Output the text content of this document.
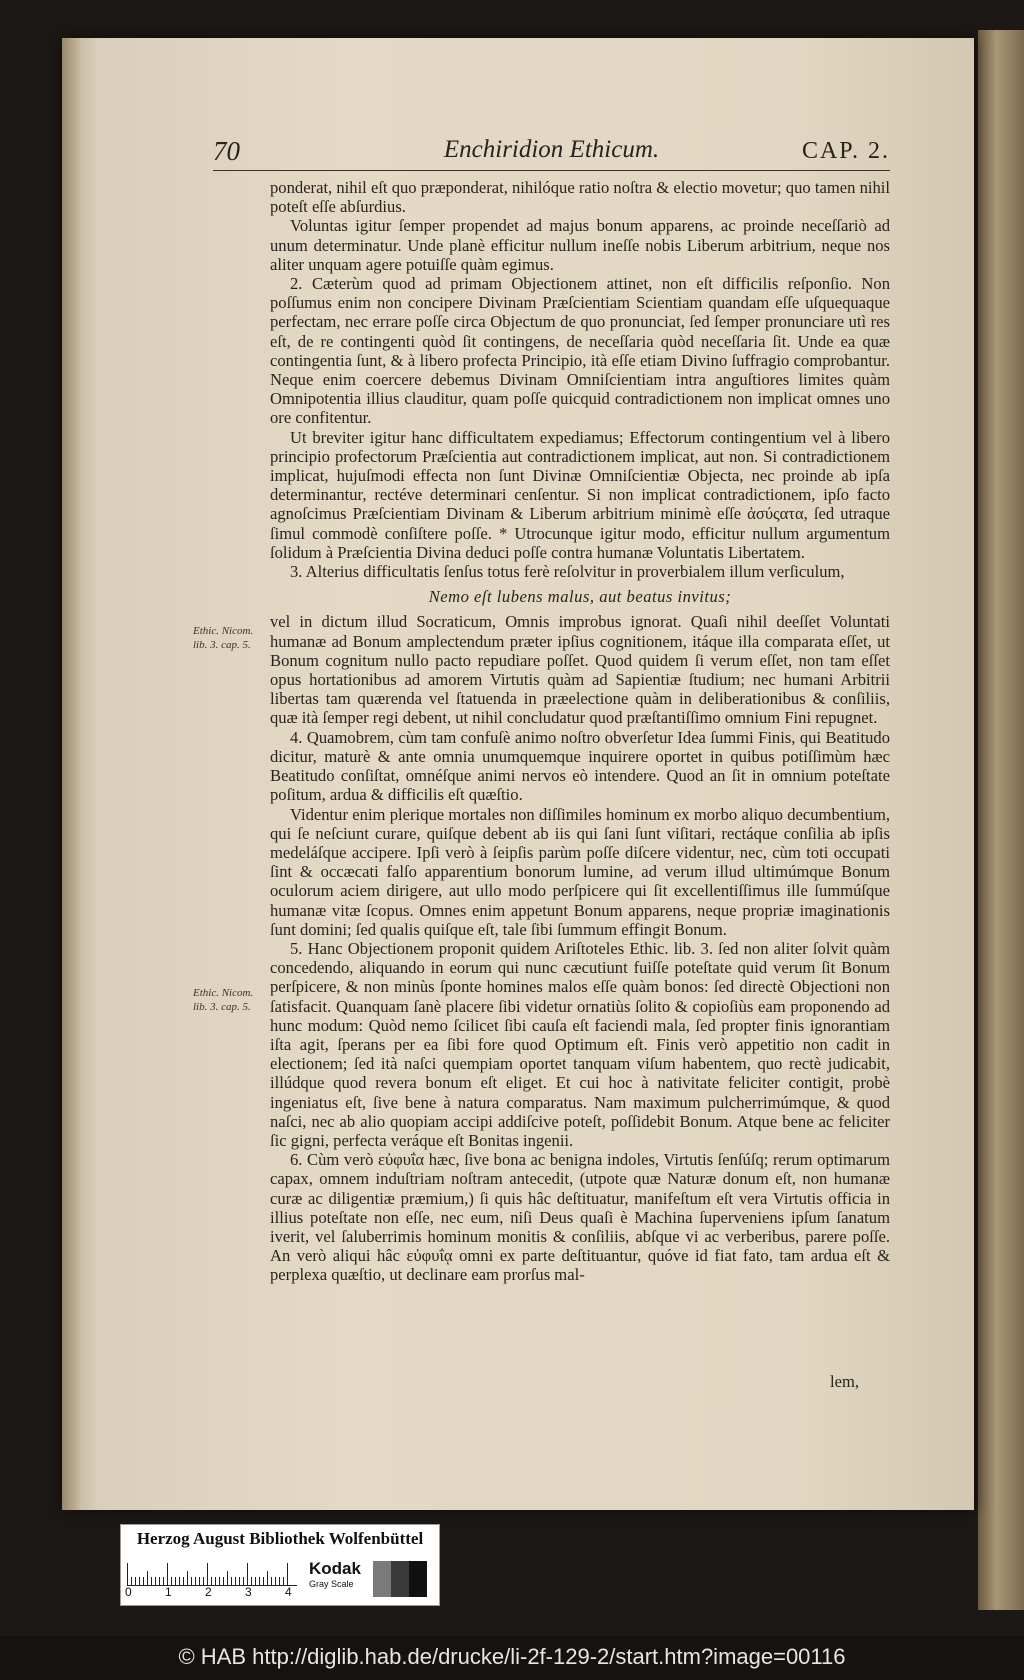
70	Enchiridion Ethicum.	CAP. 2.

ponderat, nihil eſt quo præponderat, nihilóque ratio noſtra & electio movetur; quo tamen nihil poteſt eſſe abſurdius.

Voluntas igitur ſemper propendet ad majus bonum apparens, ac proinde neceſſariò ad unum determinatur. Unde planè efficitur nullum ineſſe nobis Liberum arbitrium, neque nos aliter unquam agere potuiſſe quàm egimus.

2. Cæterùm quod ad primam Objectionem attinet, non eſt difficilis reſponſio. Non poſſumus enim non concipere Divinam Præſcientiam Scientiam quandam eſſe uſquequaque perfectam, nec errare poſſe circa Objectum de quo pronunciat, ſed ſemper pronunciare utì res eſt, de re contingenti quòd ſit contingens, de neceſſaria quòd neceſſaria ſit. Unde ea quæ contingentia ſunt, & à libero profecta Principio, ità eſſe etiam Divino ſuffragio comprobantur. Neque enim coercere debemus Divinam Omniſcientiam intra anguſtiores limites quàm Omnipotentia illius clauditur, quam poſſe quicquid contradictionem non implicat omnes uno ore confitentur.

Ut breviter igitur hanc difficultatem expediamus; Effectorum contingentium vel à libero principio profectorum Præſcientia aut contradictionem implicat, aut non. Si contradictionem implicat, hujuſmodi effecta non ſunt Divinæ Omniſcientiæ Objecta, nec proinde ab ipſa determinantur, rectéve determinari cenſentur. Si non implicat contradictionem, ipſo facto agnoſcimus Præſcientiam Divinam & Liberum arbitrium minimè eſſe ἀσύςατα, ſed utraque ſimul commodè conſiſtere poſſe. * Utrocunque igitur modo, efficitur nullum argumentum ſolidum à Præſcientia Divina deduci poſſe contra humanæ Voluntatis Libertatem.

3. Alterius difficultatis ſenſus totus ferè reſolvitur in proverbialem illum verſiculum,

Nemo eſt lubens malus, aut beatus invitus;

vel in dictum illud Socraticum, Omnis improbus ignorat. Quaſi nihil deeſſet Voluntati humanæ ad Bonum amplectendum præter ipſius cognitionem, itáque illa comparata eſſet, ut Bonum cognitum nullo pacto repudiare poſſet. Quod quidem ſi verum eſſet, non tam eſſet opus hortationibus ad amorem Virtutis quàm ad Sapientiæ ſtudium; nec humani Arbitrii libertas tam quærenda vel ſtatuenda in præelectione quàm in deliberationibus & conſiliis, quæ ità ſemper regi debent, ut nihil concludatur quod præſtantiſſimo omnium Fini repugnet.

4. Quamobrem, cùm tam confuſè animo noſtro obverſetur Idea ſummi Finis, qui Beatitudo dicitur, maturè & ante omnia unumquemque inquirere oportet in quibus potiſſimùm hæc Beatitudo conſiſtat, omnéſque animi nervos eò intendere. Quod an ſit in omnium poteſtate poſitum, ardua & difficilis eſt quæſtio.

Videntur enim plerique mortales non diſſimiles hominum ex morbo aliquo decumbentium, qui ſe neſciunt curare, quiſque debent ab iis qui ſani ſunt viſitari, rectáque conſilia ab ipſis medeláſque accipere. Ipſi verò à ſeipſis parùm poſſe diſcere videntur, nec, cùm toti occupati ſint & occæcati falſo apparentium bonorum lumine, ad verum illud ultimúmque Bonum oculorum aciem dirigere, aut ullo modo perſpicere qui ſit excellentiſſimus ille ſummúſque humanæ vitæ ſcopus. Omnes enim appetunt Bonum apparens, neque propriæ imaginationis ſunt domini; ſed qualis quiſque eſt, tale ſibi ſummum effingit Bonum.

5. Hanc Objectionem proponit quidem Ariſtoteles Ethic. lib. 3. ſed non aliter ſolvit quàm concedendo, aliquando in eorum qui nunc cæcutiunt fuiſſe poteſtate quid verum ſit Bonum perſpicere, & non minùs ſponte homines malos eſſe quàm bonos: ſed directè Objectioni non ſatisfacit. Quanquam ſanè placere ſibi videtur ornatiùs ſolito & copioſiùs eam proponendo ad hunc modum: Quòd nemo ſcilicet ſibi cauſa eſt faciendi mala, ſed propter finis ignorantiam iſta agit, ſperans per ea ſibi fore quod Optimum eſt. Finis verò appetitio non cadit in electionem; ſed ità naſci quempiam oportet tanquam viſum habentem, quo rectè judicabit, illúdque quod revera bonum eſt eliget. Et cui hoc à nativitate feliciter contigit, probè ingeniatus eſt, ſive bene à natura comparatus. Nam maximum pulcherrimúmque, & quod naſci, nec ab alio quopiam accipi addiſcive poteſt, poſſidebit Bonum. Atque bene ac feliciter ſic gigni, perfecta veráque eſt Bonitas ingenii.

6. Cùm verò εὐφυΐα hæc, ſive bona ac benigna indoles, Virtutis ſenſúſq; rerum optimarum capax, omnem induſtriam noſtram antecedit, (utpote quæ Naturæ donum eſt, non humanæ curæ ac diligentiæ præmium,) ſi quis hâc deſtituatur, manifeſtum eſt vera Virtutis officia in illius poteſtate non eſſe, nec eum, niſi Deus quaſi è Machina ſuperveniens ipſum ſanatum iverit, vel ſaluberrimis hominum monitis & conſiliis, abſque vi ac verberibus, parere poſſe. An verò aliqui hâc εὐφυΐᾳ omni ex parte deſtituantur, quóve id fiat fato, tam ardua eſt & perplexa quæſtio, ut declinare eam prorſus mal-

Ethic. Nicom.
lib. 3. cap. 5.
Ethic. Nicom.
lib. 3. cap. 5.
lem,
Herzog August Bibliothek Wolfenbüttel
0	1	2	3	4
Kodak
Gray Scale
© HAB http://diglib.hab.de/drucke/li-2f-129-2/start.htm?image=00116
